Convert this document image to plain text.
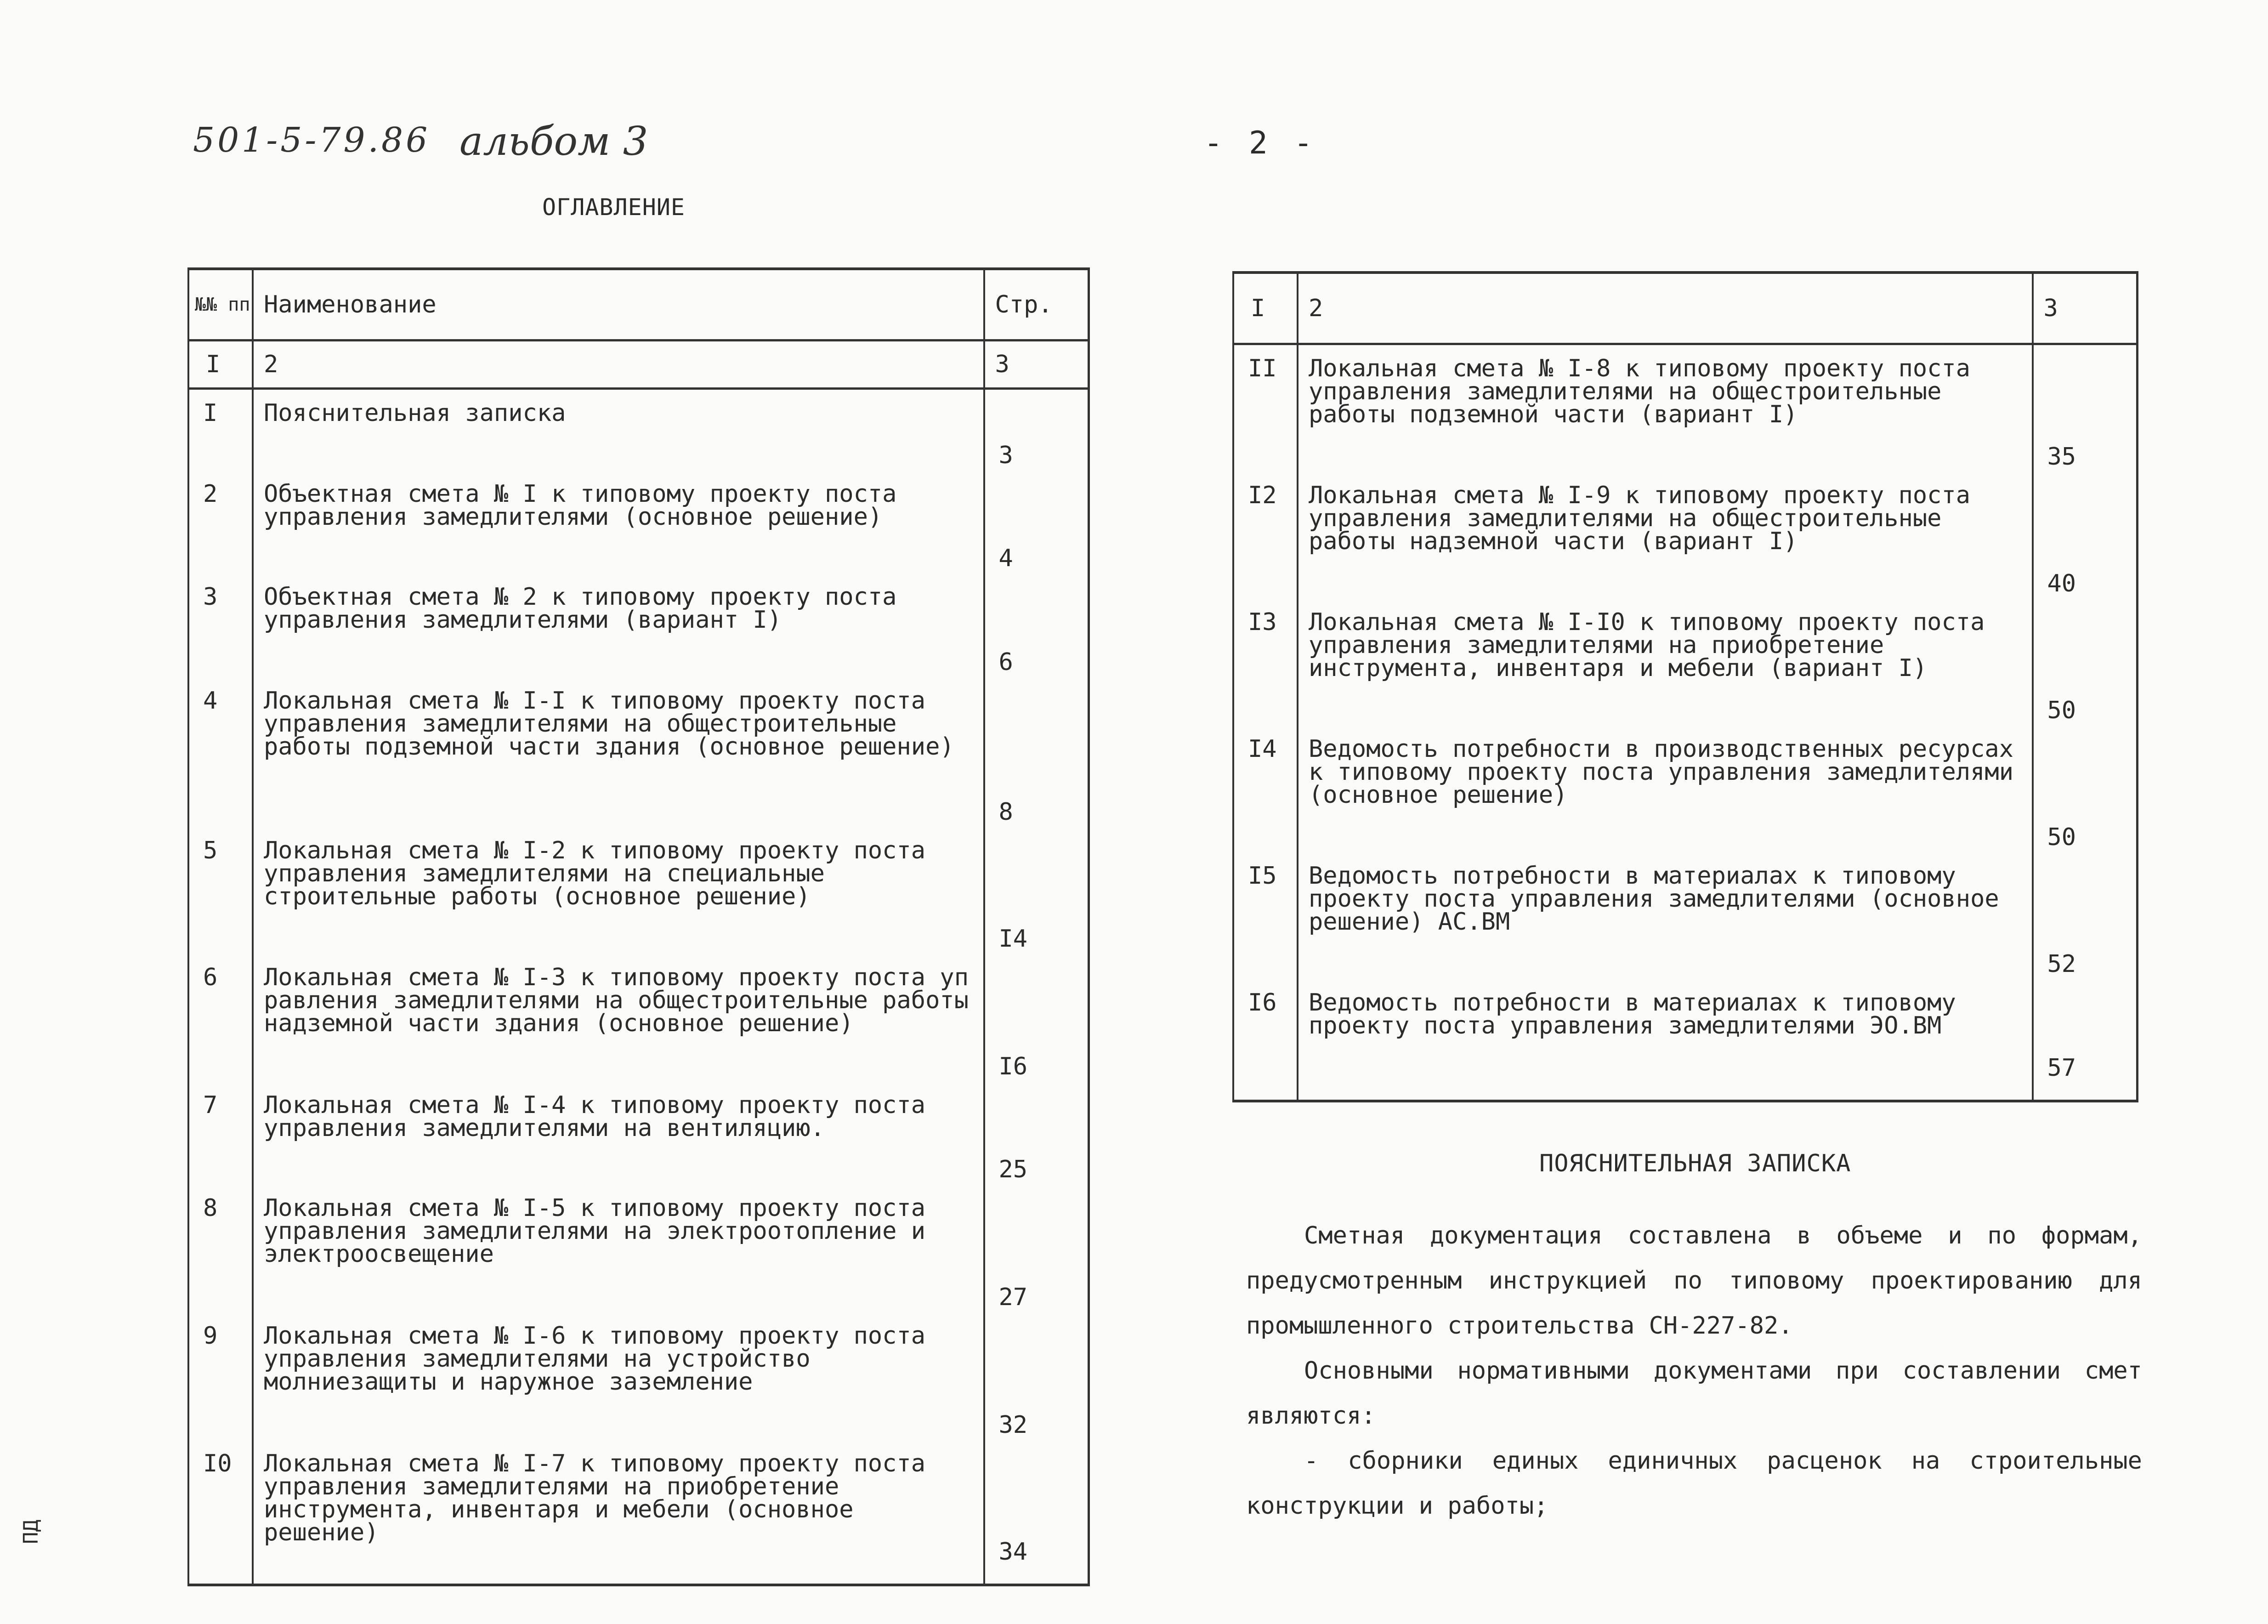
501-5-79.86 альбом 3	- 2 -
ОГЛАВЛЕНИЕ
№№ пп	Наименование	Стр.
I	2	3
I	Пояснительная записка	3
2	Объектная смета № I к типовому проекту поста управления замедлителями (основное решение)	4
3	Объектная смета № 2 к типовому проекту поста управления замедлителями (вариант I)	6
4	Локальная смета № I-I к типовому проекту поста управления замедлителями на общестроительные работы подземной части здания (основное решение)	8
5	Локальная смета № I-2 к типовому проекту поста управления замедлителями на специальные строительные работы (основное решение)	I4
6	Локальная смета № I-3 к типовому проекту поста уп равления замедлителями на общестроительные работы надземной части здания (основное решение)	I6
7	Локальная смета № I-4 к типовому проекту поста управления замедлителями на вентиляцию.	25
8	Локальная смета № I-5 к типовому проекту поста управления замедлителями на электроотопление и электроосвещение	27
9	Локальная смета № I-6 к типовому проекту поста управления замедлителями на устройство молниезащиты и наружное заземление	32
I0	Локальная смета № I-7 к типовому проекту поста управления замедлителями на приобретение инструмента, инвентаря и мебели (основное решение)	34

I	2	3
II	Локальная смета № I-8 к типовому проекту поста управления замедлителями на общестроительные работы подземной части (вариант I)	35
I2	Локальная смета № I-9 к типовому проекту поста управления замедлителями на общестроительные работы надземной части (вариант I)	40
I3	Локальная смета № I-I0 к типовому проекту поста управления замедлителями на приобретение инструмента, инвентаря и мебели (вариант I)	50
I4	Ведомость потребности в производственных ресурсах к типовому проекту поста управления замедлителями (основное решение)	50
I5	Ведомость потребности в материалах к типовому проекту поста управления замедлителями (основное решение) АС.ВМ	52
I6	Ведомость потребности в материалах к типовому проекту поста управления замедлителями ЭО.ВМ	57

ПОЯСНИТЕЛЬНАЯ ЗАПИСКА
Сметная документация составлена в объеме и по формам, предусмотренным инструкцией по типовому проектированию для промышленного строительства СН-227-82.
Основными нормативными документами при составлении смет являются:
- сборники единых единичных расценок на строительные конструкции и работы;
ПД
